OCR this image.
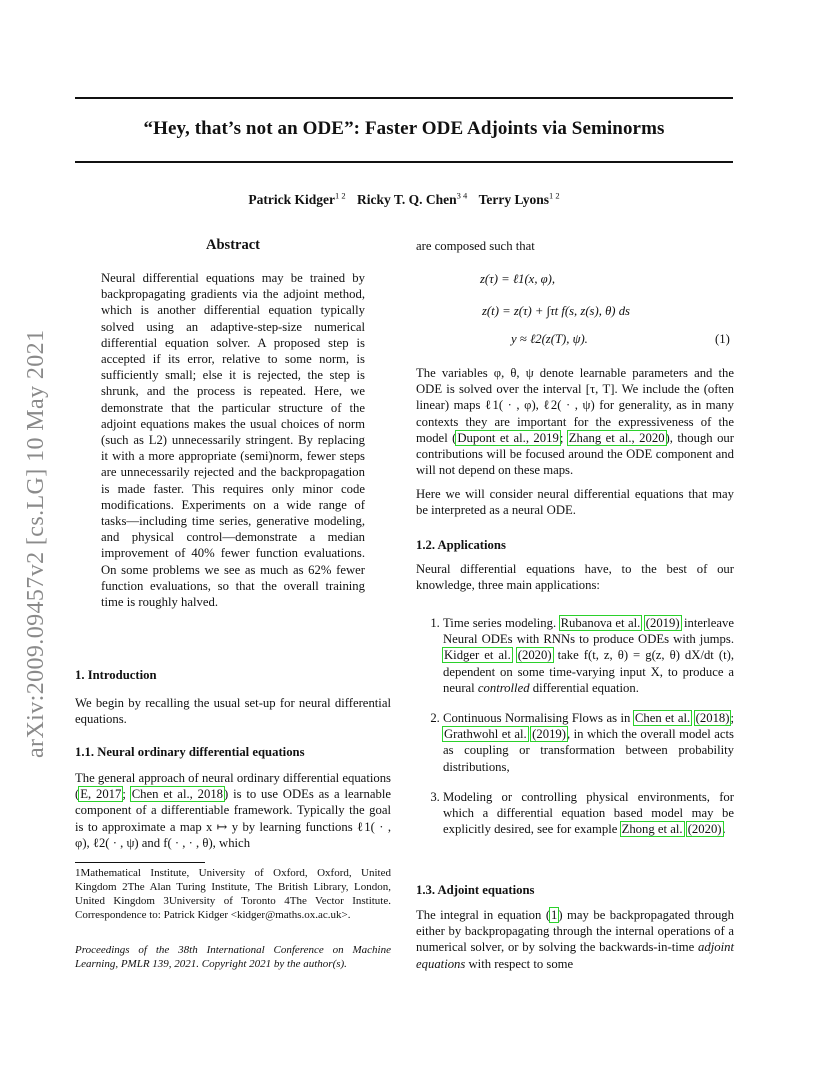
“Hey, that’s not an ODE”: Faster ODE Adjoints via Seminorms
Patrick Kidger$^{1 2}$ Ricky T. Q. Chen$^{3 4}$ Terry Lyons$^{1 2}$
arXiv:2009.09457v2 [cs.LG] 10 May 2021
Abstract
Neural differential equations may be trained by backpropagating gradients via the adjoint method, which is another differential equation typically solved using an adaptive-step-size numerical differential equation solver. A proposed step is accepted if its error, relative to some norm, is sufficiently small; else it is rejected, the step is shrunk, and the process is repeated. Here, we demonstrate that the particular structure of the adjoint equations makes the usual choices of norm (such as L2) unnecessarily stringent. By replacing it with a more appropriate (semi)norm, fewer steps are unnecessarily rejected and the backpropagation is made faster. This requires only minor code modifications. Experiments on a wide range of tasks—including time series, generative modeling, and physical control—demonstrate a median improvement of 40% fewer function evaluations. On some problems we see as much as 62% fewer function evaluations, so that the overall training time is roughly halved.
1. Introduction
We begin by recalling the usual set-up for neural differential equations.
1.1. Neural ordinary differential equations
The general approach of neural ordinary differential equations (E, 2017; Chen et al., 2018) is to use ODEs as a learnable component of a differentiable framework. Typically the goal is to approximate a map x ↦ y by learning functions ℓ1( · , φ), ℓ2( · , ψ) and f( · , · , θ), which
1Mathematical Institute, University of Oxford, Oxford, United Kingdom 2The Alan Turing Institute, The British Library, London, United Kingdom 3University of Toronto 4The Vector Institute. Correspondence to: Patrick Kidger <kidger@maths.ox.ac.uk>.
Proceedings of the 38th International Conference on Machine Learning, PMLR 139, 2021. Copyright 2021 by the author(s).
are composed such that
z(τ) = ℓ1(x, φ),
z(t) = z(τ) + ∫τt f(s, z(s), θ) ds
y ≈ ℓ2(z(T), ψ).	(1)
The variables φ, θ, ψ denote learnable parameters and the ODE is solved over the interval [τ, T]. We include the (often linear) maps ℓ1( · , φ), ℓ2( · , ψ) for generality, as in many contexts they are important for the expressiveness of the model (Dupont et al., 2019; Zhang et al., 2020), though our contributions will be focused around the ODE component and will not depend on these maps.
Here we will consider neural differential equations that may be interpreted as a neural ODE.
1.2. Applications
Neural differential equations have, to the best of our knowledge, three main applications:
1. Time series modeling. Rubanova et al. (2019) interleave Neural ODEs with RNNs to produce ODEs with jumps. Kidger et al. (2020) take f(t, z, θ) = g(z, θ) dX/dt (t), dependent on some time-varying input X, to produce a neural controlled differential equation.
2. Continuous Normalising Flows as in Chen et al. (2018); Grathwohl et al. (2019), in which the overall model acts as coupling or transformation between probability distributions,
3. Modeling or controlling physical environments, for which a differential equation based model may be explicitly desired, see for example Zhong et al. (2020).
1.3. Adjoint equations
The integral in equation (1) may be backpropagated through either by backpropagating through the internal operations of a numerical solver, or by solving the backwards-in-time adjoint equations with respect to some
